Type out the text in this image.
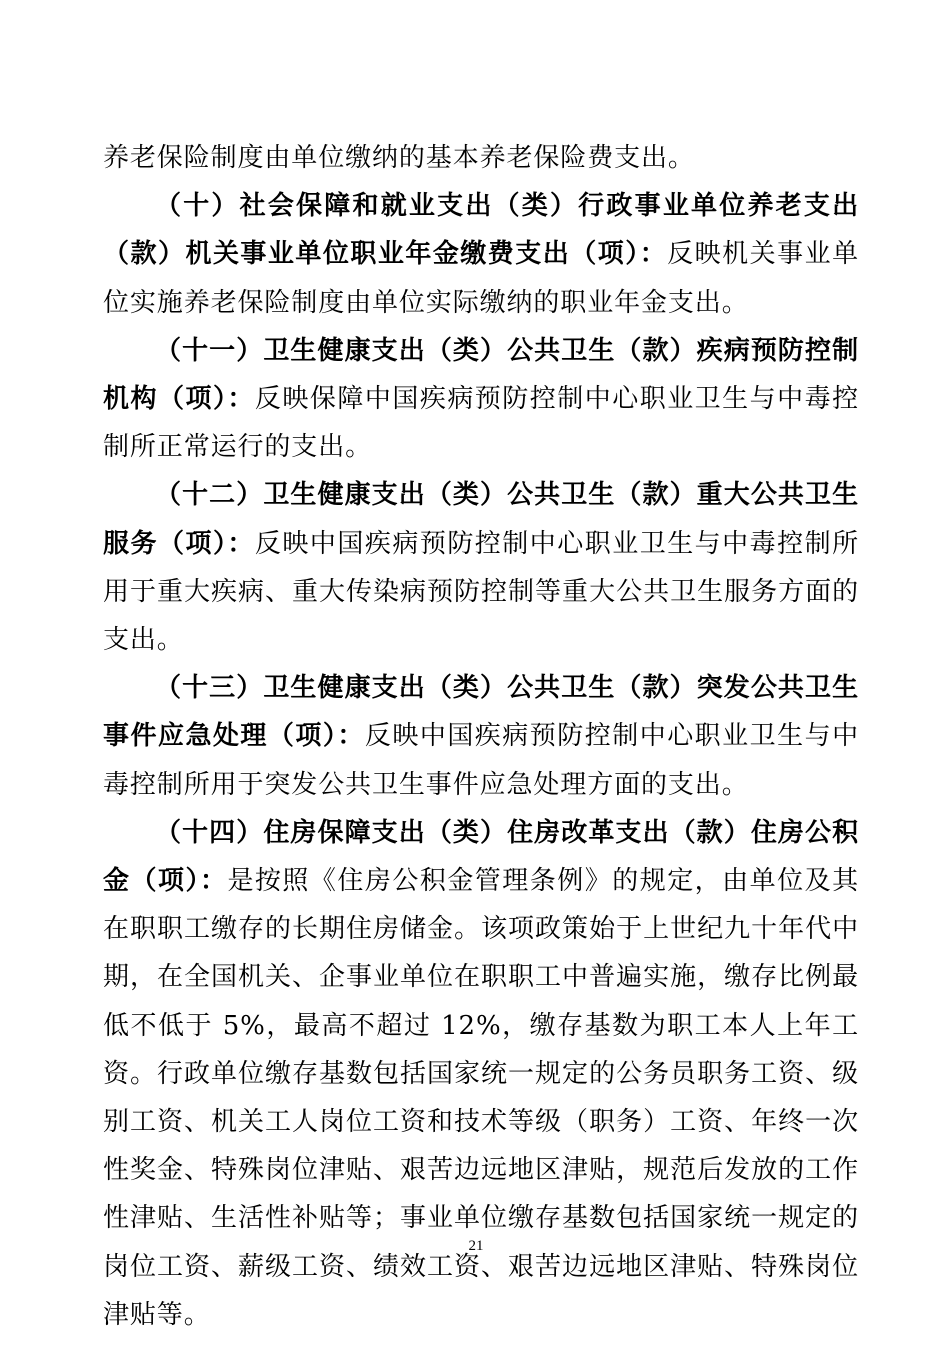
养老保险制度由单位缴纳的基本养老保险费支出。

（十）社会保障和就业支出（类）行政事业单位养老支出（款）机关事业单位职业年金缴费支出（项）：反映机关事业单位实施养老保险制度由单位实际缴纳的职业年金支出。

（十一）卫生健康支出（类）公共卫生（款）疾病预防控制机构（项）：反映保障中国疾病预防控制中心职业卫生与中毒控制所正常运行的支出。

（十二）卫生健康支出（类）公共卫生（款）重大公共卫生服务（项）：反映中国疾病预防控制中心职业卫生与中毒控制所用于重大疾病、重大传染病预防控制等重大公共卫生服务方面的支出。

（十三）卫生健康支出（类）公共卫生（款）突发公共卫生事件应急处理（项）：反映中国疾病预防控制中心职业卫生与中毒控制所用于突发公共卫生事件应急处理方面的支出。

（十四）住房保障支出（类）住房改革支出（款）住房公积金（项）：是按照《住房公积金管理条例》的规定，由单位及其在职职工缴存的长期住房储金。该项政策始于上世纪九十年代中期，在全国机关、企事业单位在职职工中普遍实施，缴存比例最低不低于 5%，最高不超过 12%，缴存基数为职工本人上年工资。行政单位缴存基数包括国家统一规定的公务员职务工资、级别工资、机关工人岗位工资和技术等级（职务）工资、年终一次性奖金、特殊岗位津贴、艰苦边远地区津贴，规范后发放的工作性津贴、生活性补贴等；事业单位缴存基数包括国家统一规定的岗位工资、薪级工资、绩效工资、艰苦边远地区津贴、特殊岗位津贴等。

21
